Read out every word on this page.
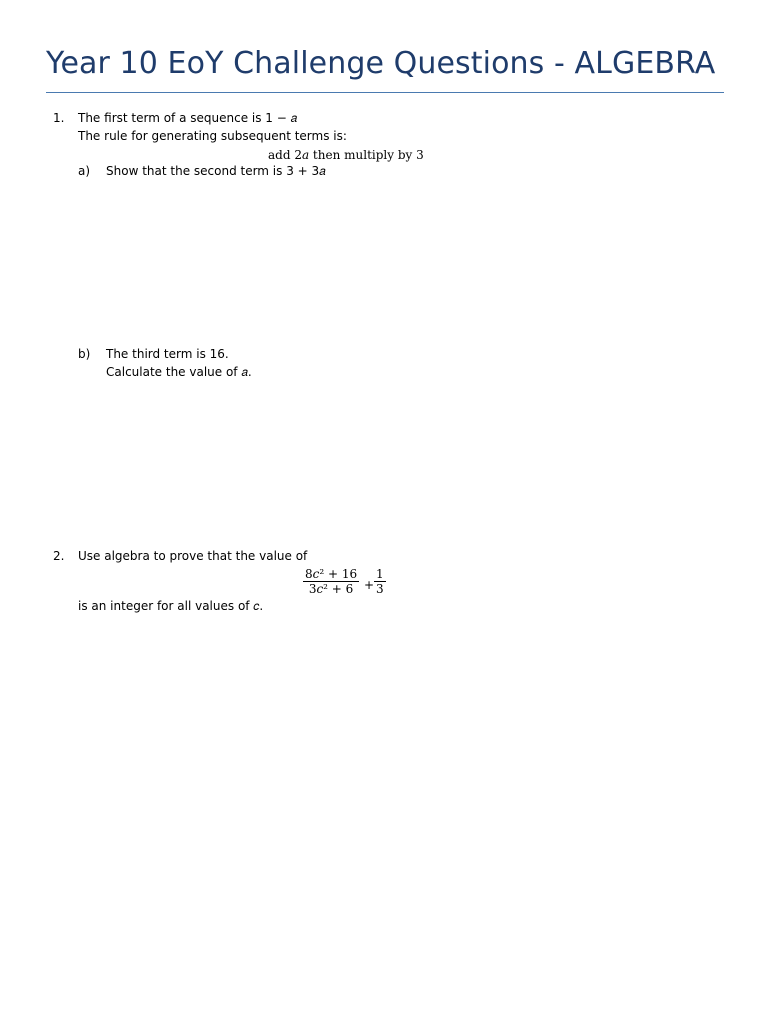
Year 10 EoY Challenge Questions - ALGEBRA
1. The first term of a sequence is 1 − 𝑎
The rule for generating subsequent terms is:
add 2𝑎 then multiply by 3
a) Show that the second term is 3 + 3𝑎
b) The third term is 16.
Calculate the value of 𝑎.
2. Use algebra to prove that the value of
8𝑐² + 16
3𝑐² + 6 +
1
3
is an integer for all values of 𝑐.
